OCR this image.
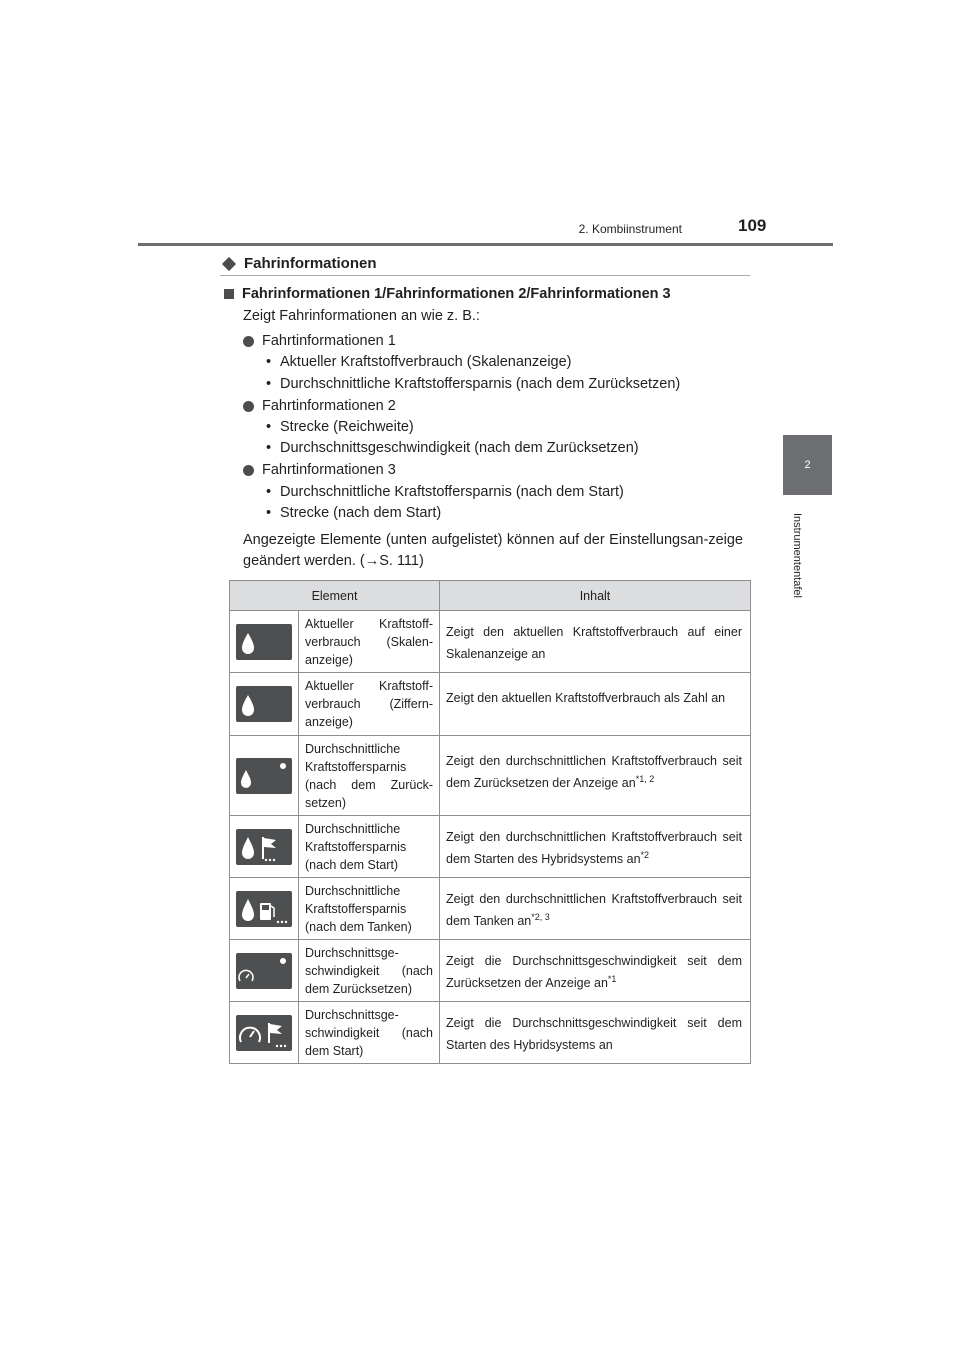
2. Kombiinstrument	109
2
Instrumententafel
Fahrinformationen
Fahrinformationen 1/Fahrinformationen 2/Fahrinformationen 3
Zeigt Fahrinformationen an wie z. B.:
Fahrtinformationen 1
• Aktueller Kraftstoffverbrauch (Skalenanzeige)
• Durchschnittliche Kraftstoffersparnis (nach dem Zurücksetzen)
Fahrtinformationen 2
• Strecke (Reichweite)
• Durchschnittsgeschwindigkeit (nach dem Zurücksetzen)
Fahrtinformationen 3
• Durchschnittliche Kraftstoffersparnis (nach dem Start)
• Strecke (nach dem Start)
Angezeigte Elemente (unten aufgelistet) können auf der Einstellungsan-zeige geändert werden. (→S. 111)
Element		Inhalt

	Aktueller Kraftstoff-verbrauch (Skalen-anzeige)	Zeigt den aktuellen Kraftstoffverbrauch auf einer Skalenanzeige an

	Aktueller Kraftstoff-verbrauch (Ziffern-anzeige)	Zeigt den aktuellen Kraftstoffverbrauch als Zahl an

	Durchschnittliche Kraftstoffersparnis (nach dem Zurück-setzen)	Zeigt den durchschnittlichen Kraftstoffverbrauch seit dem Zurücksetzen der Anzeige an$^{*1, 2}$

	Durchschnittliche Kraftstoffersparnis (nach dem Start)	Zeigt den durchschnittlichen Kraftstoffverbrauch seit dem Starten des Hybridsystems $an^{*2}$

	Durchschnittliche Kraftstoffersparnis (nach dem Tanken)	Zeigt den durchschnittlichen Kraftstoffverbrauch seit dem Tanken an$^{*2, 3}$

	Durchschnittsge-schwindigkeit (nach dem Zurücksetzen)	Zeigt die Durchschnittsgeschwindigkeit seit dem Zurücksetzen der Anzeige $an^{*1}$

	Durchschnittsge-schwindigkeit (nach dem Start)	Zeigt die Durchschnittsgeschwindigkeit seit dem Starten des Hybridsystems an
